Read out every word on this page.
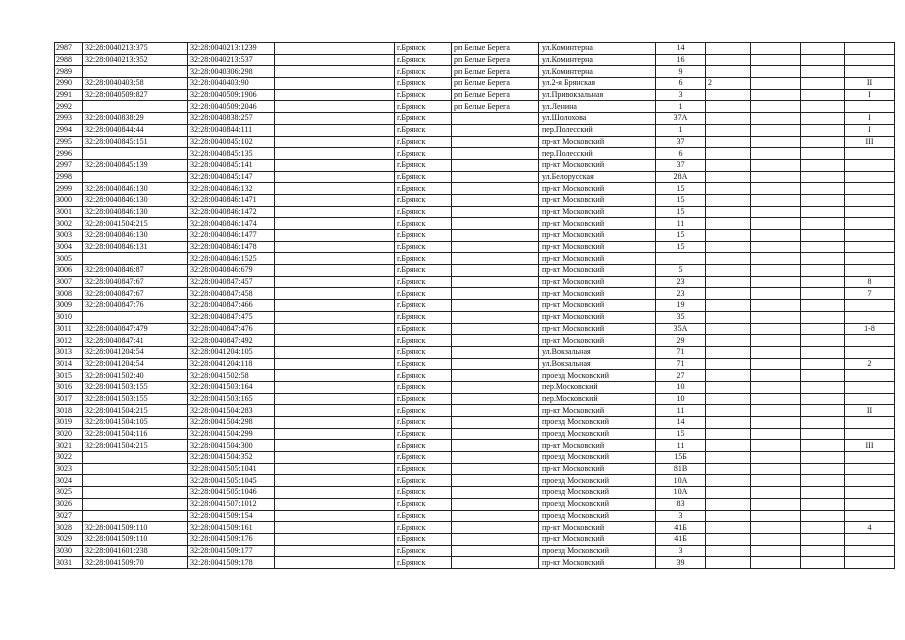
2987	32:28:0040213:375	32:28:0040213:1239		г.Брянск	рп Белые Берега	ул.Коминтерна	14				
2988	32:28:0040213:352	32:28:0040213:537		г.Брянск	рп Белые Берега	ул.Коминтерна	16				
2989		32:28:0040306:298		г.Брянск	рп Белые Берега	ул.Коминтерна	9				
2990	32:28:0040403:58	32:28:0040403:90		г.Брянск	рп Белые Берега	ул.2-я Брянская	6	2			II
2991	32:28:0040509:827	32:28:0040509:1906		г.Брянск	рп Белые Берега	ул.Привокзальная	3				I
2992		32:28:0040509:2046		г.Брянск	рп Белые Берега	ул.Ленина	1				
2993	32:28:0040838:29	32:28:0040838:257		г.Брянск		ул.Шолохова	37А				I
2994	32:28:0040844:44	32:28:0040844:111		г.Брянск		пер.Полесский	1				I
2995	32:28:0040845:151	32:28:0040845:102		г.Брянск		пр-кт Московский	37				III
2996		32:28:0040845:135		г.Брянск		пер.Полесский	6				
2997	32:28:0040845:139	32:28:0040845:141		г.Брянск		пр-кт Московский	37				
2998		32:28:0040845:147		г.Брянск		ул.Белорусская	28А				
2999	32:28:0040846:130	32:28:0040846:132		г.Брянск		пр-кт Московский	15				
3000	32:28:0040846:130	32:28:0040846:1471		г.Брянск		пр-кт Московский	15				
3001	32:28:0040846:130	32:28:0040846:1472		г.Брянск		пр-кт Московский	15				
3002	32:28:0041504:215	32:28:0040846:1474		г.Брянск		пр-кт Московский	11				
3003	32:28:0040846:130	32:28:0040846:1477		г.Брянск		пр-кт Московский	15				
3004	32:28:0040846:131	32:28:0040846:1478		г.Брянск		пр-кт Московский	15				
3005		32:28:0040846:1525		г.Брянск		пр-кт Московский					
3006	32:28:0040846:87	32:28:0040846:679		г.Брянск		пр-кт Московский	5				
3007	32:28:0040847:67	32:28:0040847:457		г.Брянск		пр-кт Московский	23				8
3008	32:28:0040847:67	32:28:0040847:458		г.Брянск		пр-кт Московский	23				7
3009	32:28:0040847:76	32:28:0040847:466		г.Брянск		пр-кт Московский	19				
3010		32:28:0040847:475		г.Брянск		пр-кт Московский	35				
3011	32:28:0040847:479	32:28:0040847:476		г.Брянск		пр-кт Московский	35А				1-8
3012	32:28:0040847:41	32:28:0040847:492		г.Брянск		пр-кт Московский	29				
3013	32:28:0041204:54	32:28:0041204:105		г.Брянск		ул.Вокзальная	71				
3014	32:28:0041204:54	32:28:0041204:118		г.Брянск		ул.Вокзальная	71				2
3015	32:28:0041502:40	32:28:0041502:58		г.Брянск		проезд Московский	27				
3016	32:28:0041503:155	32:28:0041503:164		г.Брянск		пер.Московский	10				
3017	32:28:0041503:155	32:28:0041503:165		г.Брянск		пер.Московский	10				
3018	32:28:0041504:215	32:28:0041504:283		г.Брянск		пр-кт Московский	11				II
3019	32:28:0041504:105	32:28:0041504:298		г.Брянск		проезд Московский	14				
3020	32:28:0041504:116	32:28:0041504:299		г.Брянск		проезд Московский	15				
3021	32:28:0041504:215	32:28:0041504:300		г.Брянск		пр-кт Московский	11				III
3022		32:28:0041504:352		г.Брянск		проезд Московский	15Б				
3023		32:28:0041505:1041		г.Брянск		пр-кт Московский	81В				
3024		32:28:0041505:1045		г.Брянск		проезд Московский	10А				
3025		32:28:0041505:1046		г.Брянск		проезд Московский	10А				
3026		32:28:0041507:1012		г.Брянск		проезд Московский	83				
3027		32:28:0041509:154		г.Брянск		проезд Московский	3				
3028	32:28:0041509:110	32:28:0041509:161		г.Брянск		пр-кт Московский	41Б				4
3029	32:28:0041509:110	32:28:0041509:176		г.Брянск		пр-кт Московский	41Б				
3030	32:28:0041601:238	32:28:0041509:177		г.Брянск		проезд Московский	3				
3031	32:28:0041509:70	32:28:0041509:178		г.Брянск		пр-кт Московский	39				
